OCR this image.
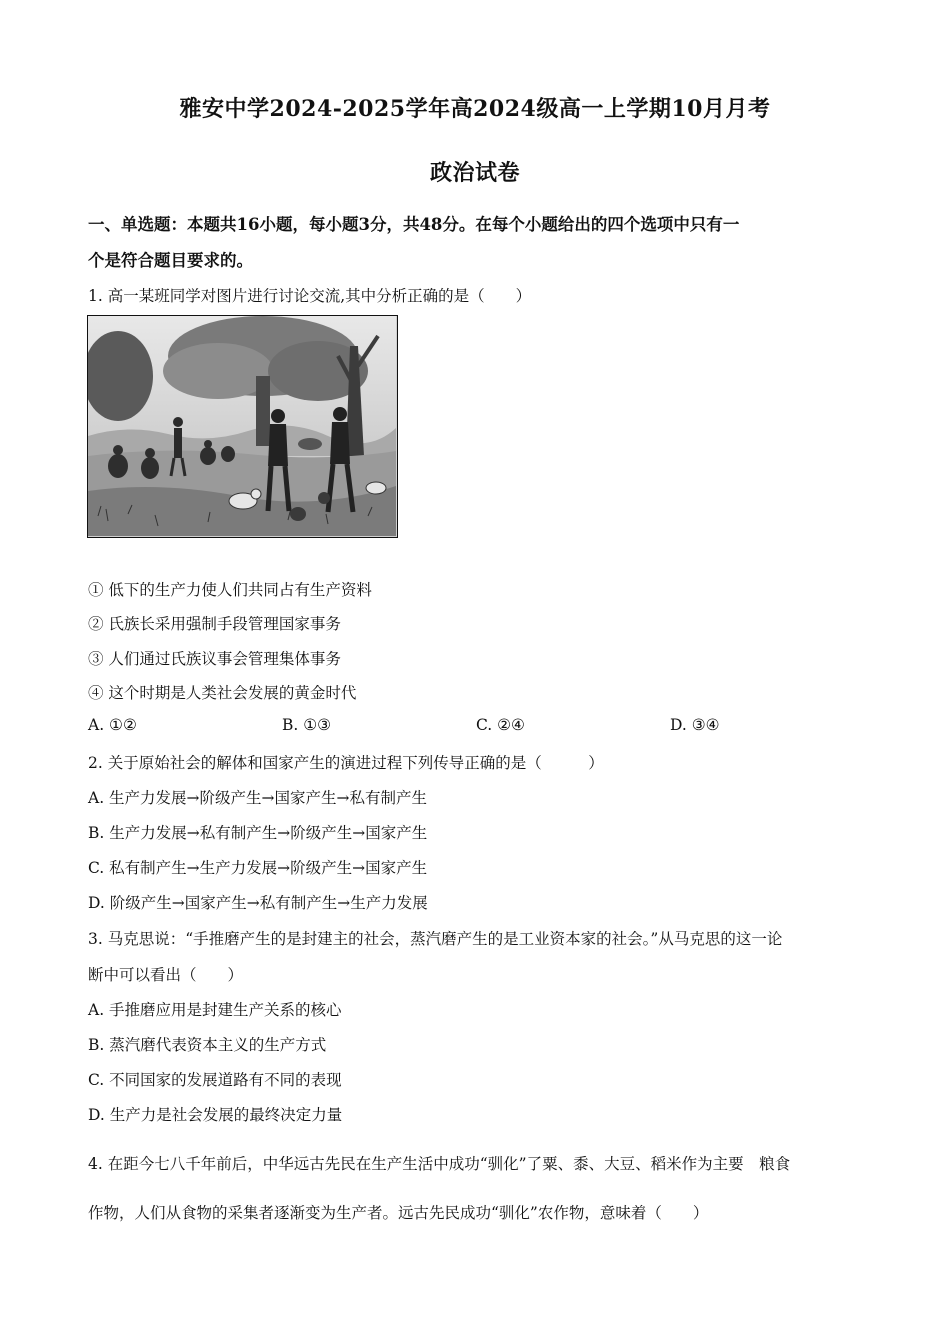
雅安中学2024-2025学年高2024级高一上学期10月月考
政治试卷
一、单选题：本题共16小题，每小题3分，共48分。在每个小题给出的四个选项中只有一
个是符合题目要求的。
1. 高一某班同学对图片进行讨论交流,其中分析正确的是（　　）
① 低下的生产力使人们共同占有生产资料
② 氏族长采用强制手段管理国家事务
③ 人们通过氏族议事会管理集体事务
④ 这个时期是人类社会发展的黄金时代
A. ①②	B. ①③	C. ②④	D. ③④
2. 关于原始社会的解体和国家产生的演进过程下列传导正确的是（　　　）
A. 生产力发展→阶级产生→国家产生→私有制产生
B. 生产力发展→私有制产生→阶级产生→国家产生
C. 私有制产生→生产力发展→阶级产生→国家产生
D. 阶级产生→国家产生→私有制产生→生产力发展
3. 马克思说：“手推磨产生的是封建主的社会，蒸汽磨产生的是工业资本家的社会。”从马克思的这一论
断中可以看出（　　）
A. 手推磨应用是封建生产关系的核心
B. 蒸汽磨代表资本主义的生产方式
C. 不同国家的发展道路有不同的表现
D. 生产力是社会发展的最终决定力量
4. 在距今七八千年前后，中华远古先民在生产生活中成功“驯化”了粟、黍、大豆、稻米作为主要　粮食
作物，人们从食物的采集者逐渐变为生产者。远古先民成功“驯化”农作物，意味着（　　）
